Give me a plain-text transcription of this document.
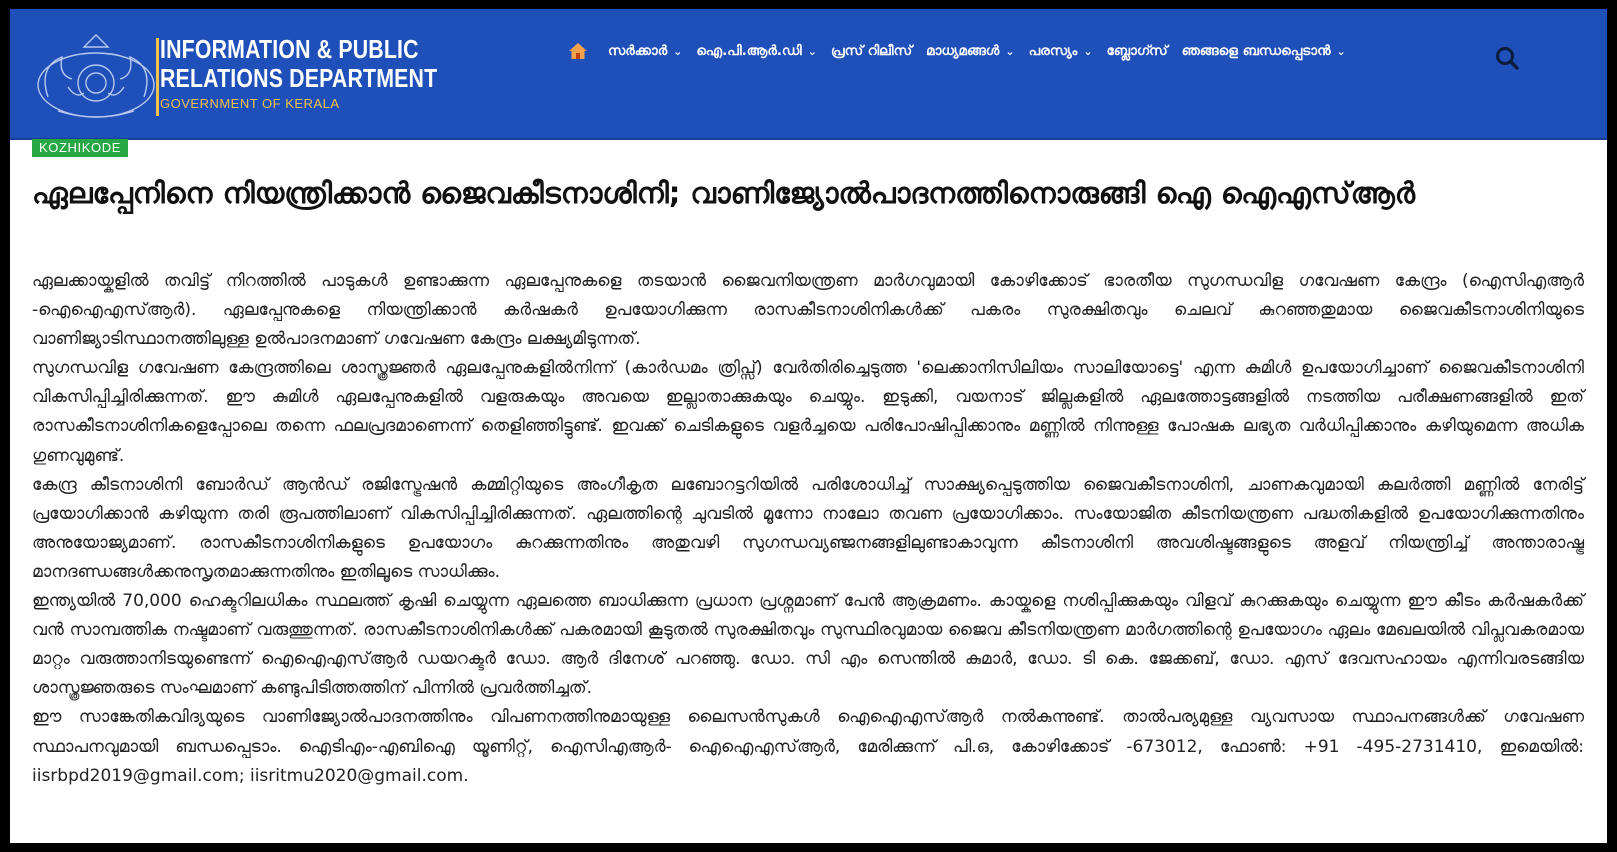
INFORMATION & PUBLIC
RELATIONS DEPARTMENT
GOVERNMENT OF KERALA
സർക്കാർ ⌄ ഐ.പി.ആർ.ഡി ⌄ പ്രസ് റിലീസ് മാധ്യമങ്ങൾ ⌄ പരസ്യം ⌄ ബ്ലോഗ്സ് ഞങ്ങളെ ബന്ധപ്പെടാൻ ⌄
KOZHIKODE
ഏലപ്പേനിനെ നിയന്ത്രിക്കാൻ ജൈവകീടനാശിനി; വാണിജ്യോൽപാദനത്തിനൊരുങ്ങി ഐ ഐഎസ്ആർ

ഏലക്കായ്കളിൽ തവിട്ട് നിറത്തിൽ പാടുകൾ ഉണ്ടാക്കുന്ന ഏലപ്പേനുകളെ തടയാൻ ജൈവനിയന്ത്രണ മാർഗവുമായി കോഴിക്കോട് ഭാരതീയ സുഗന്ധവിള ഗവേഷണ കേന്ദ്രം (ഐസിഎആർ -ഐഐഎസ്ആർ). ഏലപ്പേനുകളെ നിയന്ത്രിക്കാൻ കർഷകർ ഉപയോഗിക്കുന്ന രാസകീടനാശിനികൾക്ക് പകരം സുരക്ഷിതവും ചെലവ് കുറഞ്ഞതുമായ ജൈവകീടനാശിനിയുടെ വാണിജ്യാടിസ്ഥാനത്തിലുള്ള ഉൽപാദനമാണ് ഗവേഷണ കേന്ദ്രം ലക്ഷ്യമിടുന്നത്.

സുഗന്ധവിള ഗവേഷണ കേന്ദ്രത്തിലെ ശാസ്ത്രജ്ഞർ ഏലപ്പേനുകളിൽനിന്ന് (കാർഡമം ത്രിപ്സ്) വേർതിരിച്ചെടുത്ത 'ലെക്കാനിസിലിയം സാലിയോട്ടെ' എന്ന കുമിൾ ഉപയോഗിച്ചാണ് ജൈവകീടനാശിനി വികസിപ്പിച്ചിരിക്കുന്നത്. ഈ കുമിൾ ഏലപ്പേനുകളിൽ വളരുകയും അവയെ ഇല്ലാതാക്കുകയും ചെയ്യും. ഇടുക്കി, വയനാട് ജില്ലകളിൽ ഏലത്തോട്ടങ്ങളിൽ നടത്തിയ പരീക്ഷണങ്ങളിൽ ഇത് രാസകീടനാശിനികളെപ്പോലെ തന്നെ ഫലപ്രദമാണെന്ന് തെളിഞ്ഞിട്ടുണ്ട്. ഇവക്ക് ചെടികളുടെ വളർച്ചയെ പരിപോഷിപ്പിക്കാനും മണ്ണിൽ നിന്നുള്ള പോഷക ലഭ്യത വർധിപ്പിക്കാനും കഴിയുമെന്ന അധിക ഗുണവുമുണ്ട്.

കേന്ദ്ര കീടനാശിനി ബോർഡ് ആൻഡ് രജിസ്ട്രേഷൻ കമ്മിറ്റിയുടെ അംഗീകൃത ലബോറട്ടറിയിൽ പരിശോധിച്ച് സാക്ഷ്യപ്പെടുത്തിയ ജൈവകീടനാശിനി, ചാണകവുമായി കലർത്തി മണ്ണിൽ നേരിട്ട് പ്രയോഗിക്കാൻ കഴിയുന്ന തരി രൂപത്തിലാണ് വികസിപ്പിച്ചിരിക്കുന്നത്. ഏലത്തിന്റെ ചുവടിൽ മൂന്നോ നാലോ തവണ പ്രയോഗിക്കാം. സംയോജിത കീടനിയന്ത്രണ പദ്ധതികളിൽ ഉപയോഗിക്കുന്നതിനും അനുയോജ്യമാണ്. രാസകീടനാശിനികളുടെ ഉപയോഗം കുറക്കുന്നതിനും അതുവഴി സുഗന്ധവ്യഞ്ജനങ്ങളിലുണ്ടാകാവുന്ന കീടനാശിനി അവശിഷ്ടങ്ങളുടെ അളവ് നിയന്ത്രിച്ച് അന്താരാഷ്ട്ര മാനദണ്ഡങ്ങൾക്കനുസൃതമാക്കുന്നതിനും ഇതിലൂടെ സാധിക്കും.

ഇന്ത്യയിൽ 70,000 ഹെക്ടറിലധികം സ്ഥലത്ത് കൃഷി ചെയ്യുന്ന ഏലത്തെ ബാധിക്കുന്ന പ്രധാന പ്രശ്നമാണ് പേൻ ആക്രമണം. കായ്കളെ നശിപ്പിക്കുകയും വിളവ് കുറക്കുകയും ചെയ്യുന്ന ഈ കീടം കർഷകർക്ക് വൻ സാമ്പത്തിക നഷ്ടമാണ് വരുത്തുന്നത്. രാസകീടനാശിനികൾക്ക് പകരമായി കൂടുതൽ സുരക്ഷിതവും സുസ്ഥിരവുമായ ജൈവ കീടനിയന്ത്രണ മാർഗത്തിന്റെ ഉപയോഗം ഏലം മേഖലയിൽ വിപ്ലവകരമായ മാറ്റം വരുത്താനിടയുണ്ടെന്ന് ഐഐഎസ്ആർ ഡയറക്ടർ ഡോ. ആർ ദിനേശ് പറഞ്ഞു. ഡോ. സി എം സെന്തിൽ കുമാർ, ഡോ. ടി കെ. ജേക്കബ്, ഡോ. എസ് ദേവസഹായം എന്നിവരടങ്ങിയ ശാസ്ത്രജ്ഞരുടെ സംഘമാണ് കണ്ടുപിടിത്തത്തിന് പിന്നിൽ പ്രവർത്തിച്ചത്.

ഈ സാങ്കേതികവിദ്യയുടെ വാണിജ്യോൽപാദനത്തിനും വിപണനത്തിനുമായുള്ള ലൈസൻസുകൾ ഐഐഎസ്ആർ നൽകുന്നുണ്ട്. താൽപര്യമുള്ള വ്യവസായ സ്ഥാപനങ്ങൾക്ക് ഗവേഷണ സ്ഥാപനവുമായി ബന്ധപ്പെടാം. ഐടിഎം-എബിഐ യൂണിറ്റ്, ഐസിഎആർ- ഐഐഎസ്ആർ, മേരിക്കുന്ന് പി.ഒ, കോഴിക്കോട് -673012, ഫോൺ: +91 -495-2731410, ഇമെയിൽ: iisrbpd2019@gmail.com; iisritmu2020@gmail.com.
